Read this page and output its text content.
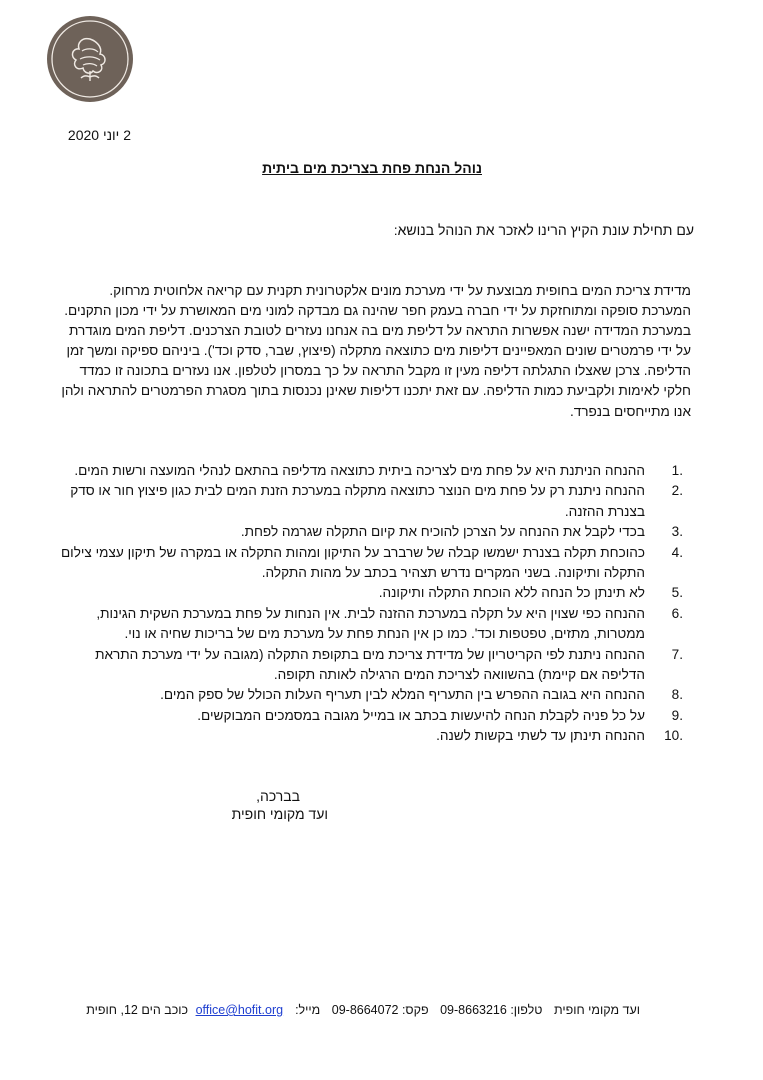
2 יוני 2020
נוהל הנחת פחת בצריכת מים ביתית
עם תחילת עונת הקיץ הרינו לאזכר את הנוהל בנושא:

מדידת צריכת המים בחופית מבוצעת על ידי מערכת מונים אלקטרונית תקנית עם קריאה אלחוטית מרחוק. המערכת סופקה ומתוחזקת על ידי חברה בעמק חפר שהינה גם מבדקה למוני מים המאושרת על ידי מכון התקנים.

במערכת המדידה ישנה אפשרות התראה על דליפת מים בה אנחנו נעזרים לטובת הצרכנים. דליפת המים מוגדרת על ידי פרמטרים שונים המאפיינים דליפות מים כתוצאה מתקלה (פיצוץ, שבר, סדק וכד'). ביניהם ספיקה ומשך זמן הדליפה. צרכן שאצלו התגלתה דליפה מעין זו מקבל התראה על כך במסרון לטלפון. אנו נעזרים בתכונה זו כמדד חלקי לאימות ולקביעת כמות הדליפה. עם זאת יתכנו דליפות שאינן נכנסות בתוך מסגרת הפרמטרים להתראה ולהן אנו מתייחסים בנפרד.

1.
ההנחה הניתנת היא על פחת מים לצריכה ביתית כתוצאה מדליפה בהתאם לנהלי המועצה ורשות המים.
2.
ההנחה ניתנת רק על פחת מים הנוצר כתוצאה מתקלה במערכת הזנת המים לבית כגון פיצוץ חור או סדק בצנרת ההזנה.
3.
בכדי לקבל את ההנחה על הצרכן להוכיח את קיום התקלה שגרמה לפחת.
4.
כהוכחת תקלה בצנרת ישמשו קבלה של שרברב על התיקון ומהות התקלה או במקרה של תיקון עצמי צילום התקלה ותיקונה. בשני המקרים נדרש תצהיר בכתב על מהות התקלה.
5.
לא תינתן כל הנחה ללא הוכחת התקלה ותיקונה.
6.
ההנחה כפי שצוין היא על תקלה במערכת ההזנה לבית. אין הנחות על פחת במערכת השקית הגינות, ממטרות, מתזים, טפטפות וכד'. כמו כן אין הנחת פחת על מערכת מים של בריכות שחיה או נוי.
7.
ההנחה ניתנת לפי הקריטריון של מדידת צריכת מים בתקופת התקלה (מגובה על ידי מערכת התראת הדליפה אם קיימת) בהשוואה לצריכת המים הרגילה לאותה תקופה.
8.
ההנחה היא בגובה ההפרש בין התעריף המלא לבין תעריף העלות הכולל של ספק המים.
9.
על כל פניה לקבלת הנחה להיעשות בכתב או במייל מגובה במסמכים המבוקשים.
10.
ההנחה תינתן עד לשתי בקשות לשנה.
בברכה,
ועד מקומי חופית
ועד מקומי חופית טלפון: 09-8663216 פקס: 09-8664072 מייל:office@hofit.org כוכב הים 12, חופית
